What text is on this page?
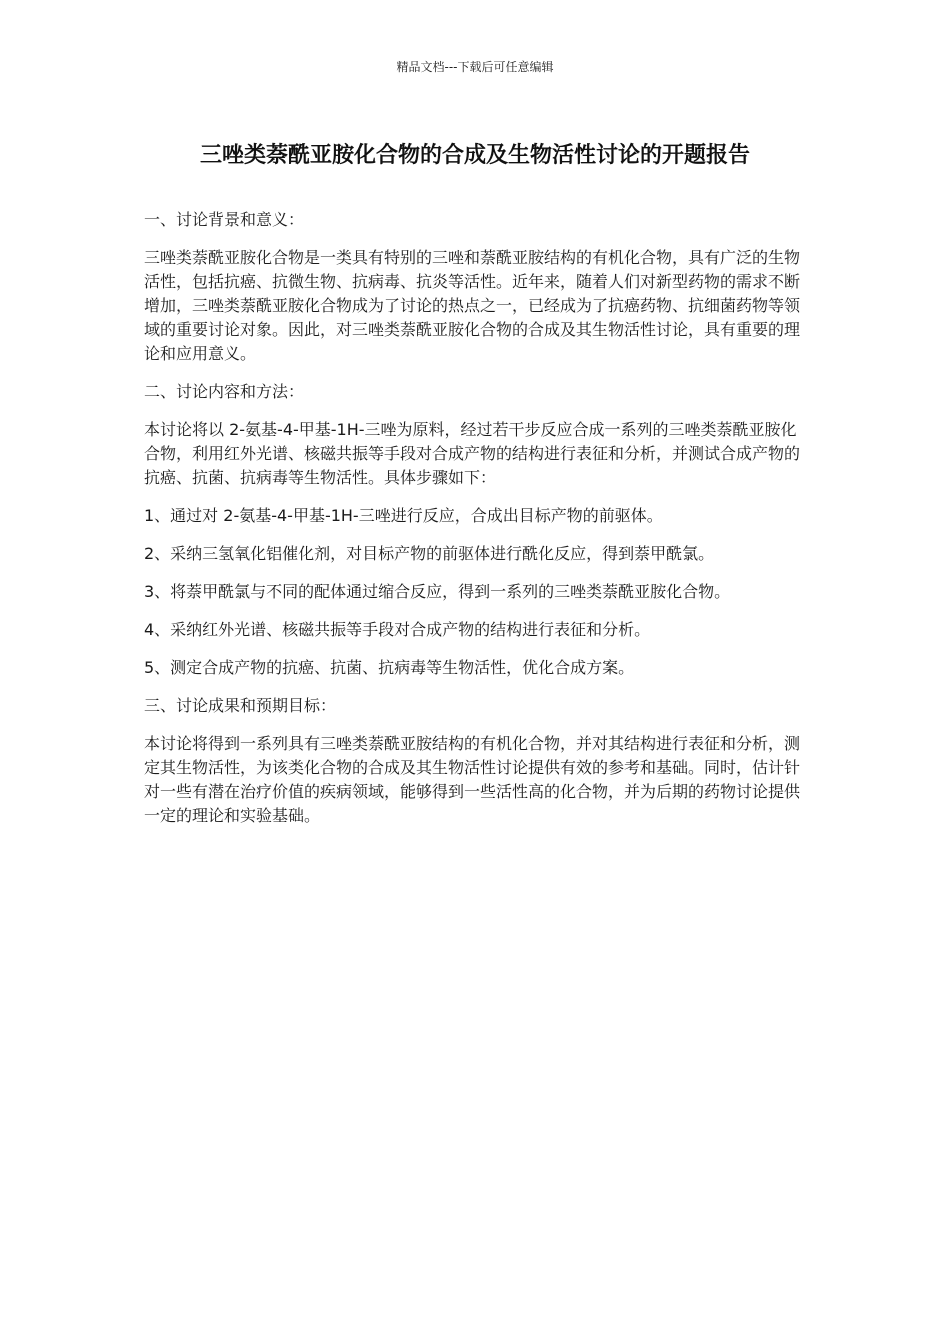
精品文档---下载后可任意编辑
三唑类萘酰亚胺化合物的合成及生物活性讨论的开题报告

一、讨论背景和意义：

三唑类萘酰亚胺化合物是一类具有特别的三唑和萘酰亚胺结构的有机化合物，具有广泛的生物活性，包括抗癌、抗微生物、抗病毒、抗炎等活性。近年来，随着人们对新型药物的需求不断增加，三唑类萘酰亚胺化合物成为了讨论的热点之一，已经成为了抗癌药物、抗细菌药物等领域的重要讨论对象。因此，对三唑类萘酰亚胺化合物的合成及其生物活性讨论，具有重要的理论和应用意义。

二、讨论内容和方法：

本讨论将以 2-氨基-4-甲基-1H-三唑为原料，经过若干步反应合成一系列的三唑类萘酰亚胺化合物，利用红外光谱、核磁共振等手段对合成产物的结构进行表征和分析，并测试合成产物的抗癌、抗菌、抗病毒等生物活性。具体步骤如下：

1、通过对 2-氨基-4-甲基-1H-三唑进行反应，合成出目标产物的前驱体。

2、采纳三氢氧化铝催化剂，对目标产物的前驱体进行酰化反应，得到萘甲酰氯。

3、将萘甲酰氯与不同的配体通过缩合反应，得到一系列的三唑类萘酰亚胺化合物。

4、采纳红外光谱、核磁共振等手段对合成产物的结构进行表征和分析。

5、测定合成产物的抗癌、抗菌、抗病毒等生物活性，优化合成方案。

三、讨论成果和预期目标：

本讨论将得到一系列具有三唑类萘酰亚胺结构的有机化合物，并对其结构进行表征和分析，测定其生物活性，为该类化合物的合成及其生物活性讨论提供有效的参考和基础。同时，估计针对一些有潜在治疗价值的疾病领域，能够得到一些活性高的化合物，并为后期的药物讨论提供一定的理论和实验基础。
